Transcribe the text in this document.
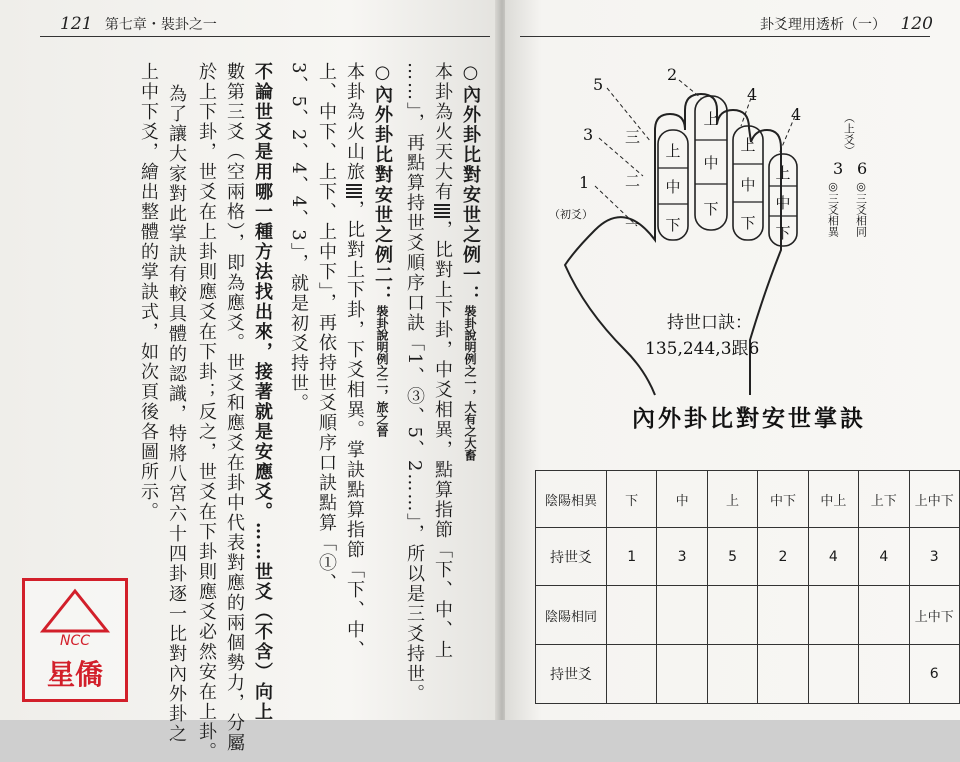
121 第七章・裝卦之一
○內外卦比對安世之例一：裝卦說明例之一，大有之大畜
本卦為火天大有，比對上下卦，中爻相異，點算指節「下、中、上
……」，再點算持世爻順序口訣「1、③、5、2……」，所以是三爻持世。
○內外卦比對安世之例二：裝卦說明例之二，旅之晉
本卦為火山旅，比對上下卦，下爻相異。掌訣點算指節「下、中、
上、中下、上下、上中下」，再依持世爻順序口訣點算「①、
3、5、2、4、4、3」，就是初爻持世。
不論世爻是用哪一種方法找出來，接著就是安應爻。……世爻（不含）向上
數第三爻（空兩格），即為應爻。世爻和應爻在卦中代表對應的兩個勢力，分屬
於上下卦，世爻在上卦則應爻在下卦；反之，世爻在下卦則應爻必然安在上卦。
為了讓大家對此掌訣有較具體的認識，特將八宮六十四卦逐一比對內外卦之
上中下爻，繪出整體的掌訣式，如次頁後各圖所示。
卦爻理用透析（一） 120
上
中
下
上
中
下
上
中
下
上
中
下
一
二
三
1
2
3
4
4
5
6
3
（初爻）
（上爻）
◎三爻相同
◎三爻相異
持世口訣：
135,244,3跟6
內外卦比對安世掌訣
陰陽相異	下	中	上	中下	中上	上下	上中下
持世爻	1	3	5	2	4	4	3
陰陽相同							上中下
持世爻							6
NCC
星僑
